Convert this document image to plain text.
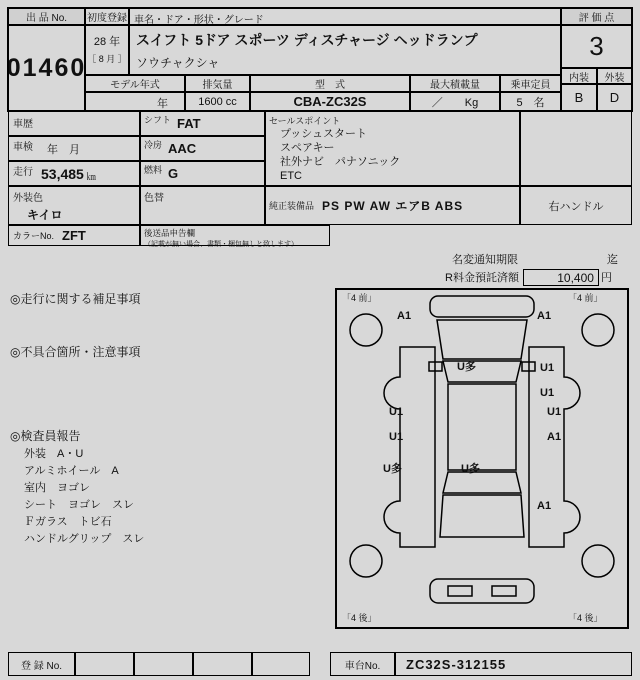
出 品 No.
01460
初度登録
28 年
［ 8 月 ］
車名・ドア・形状・グレード
スイフト 5ドア スポーツ ディスチャージ ヘッドランプ
ソウチャクシャ
評 価 点
3
内装	外装
B	D
モデル年式
年
排気量
1600 cc
型　式
CBA-ZC32S
最大積載量
／　　Kg
乗車定員
5　名
車歴	シフト FAT
車検	年　月	冷房 AAC
走行 53,485 ㎞
燃料 G
セールスポイント
プッシュスタート
スペアキー
社外ナビ　パナソニック
ETC
外装色
キイロ
色替
純正装備品 PS PW AW エアB ABS	右ハンドル
カラーNo. ZFT	後送品申告欄
（記載が無い場合、書類・梱包無しと致します）
名変通知期限	迄
R料金預託済額	10,400 円
◎走行に関する補足事項
◎不具合箇所・注意事項
◎検査員報告
外装　A・U
アルミホイール　A
室内　ヨゴレ
シート　ヨゴレ　スレ
Ｆガラス　トビ石
ハンドルグリップ　スレ
「4 前」	「4 前」
「4 後」	「4 後」
A1	A1
U多	U1
U1
U1	U1
U1	A1
U多	U多
A1
登 録 No.	車台No.	ZC32S-312155
